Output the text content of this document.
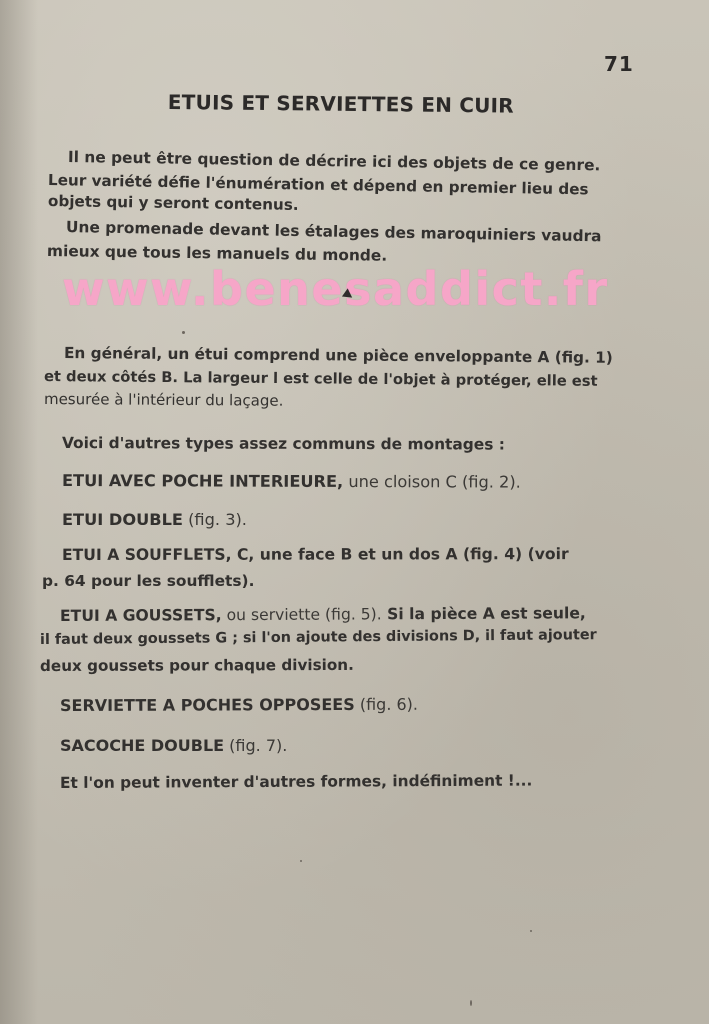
71
ETUIS ET SERVIETTES EN CUIR
Il ne peut être question de décrire ici des objets de ce genre.
Leur variété défie l'énumération et dépend en premier lieu des
objets qui y seront contenus.
Une promenade devant les étalages des maroquiniers vaudra
mieux que tous les manuels du monde.
www.benesaddict.fr
En général, un étui comprend une pièce enveloppante A (fig. 1)
et deux côtés B. La largeur l est celle de l'objet à protéger, elle est
mesurée à l'intérieur du laçage.
Voici d'autres types assez communs de montages :
ETUI AVEC POCHE INTERIEURE, une cloison C (fig. 2).
ETUI DOUBLE (fig. 3).
ETUI A SOUFFLETS, C, une face B et un dos A (fig. 4) (voir
p. 64 pour les soufflets).
ETUI A GOUSSETS, ou serviette (fig. 5). Si la pièce A est seule,
il faut deux goussets G ; si l'on ajoute des divisions D, il faut ajouter
deux goussets pour chaque division.
SERVIETTE A POCHES OPPOSEES (fig. 6).
SACOCHE DOUBLE (fig. 7).
Et l'on peut inventer d'autres formes, indéfiniment !...
